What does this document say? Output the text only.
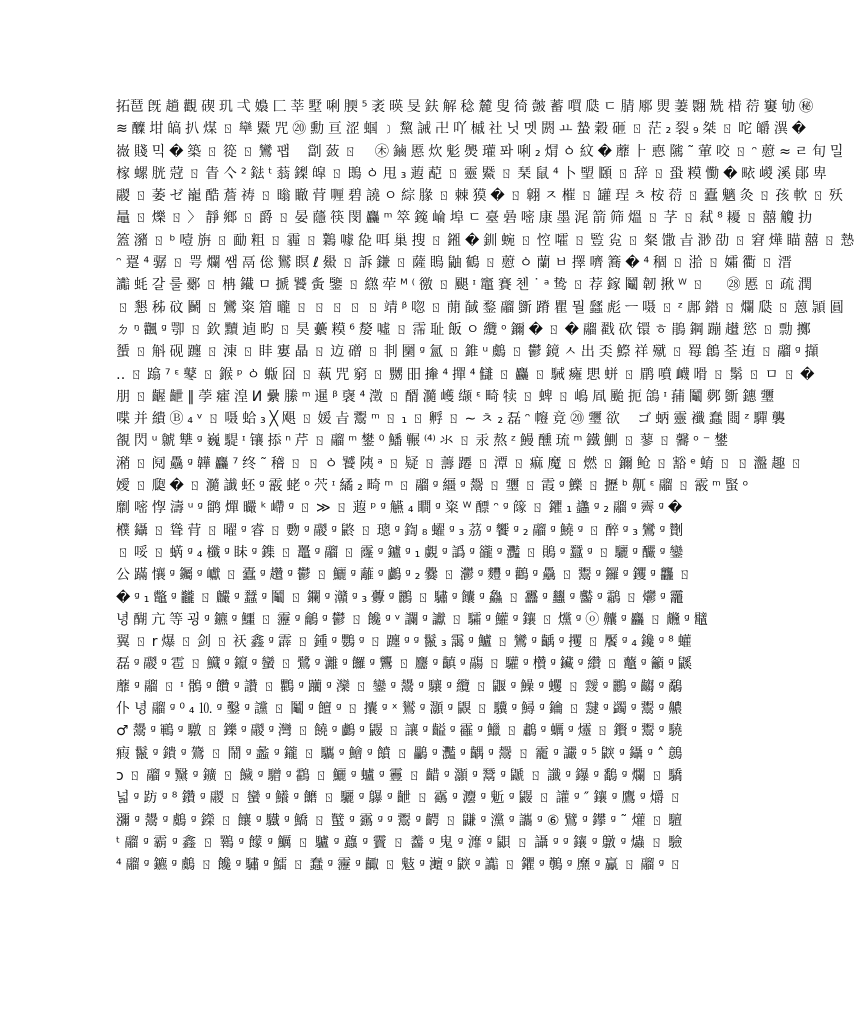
拓琶 旣 趟 觀 碶 玑 弌 嬝 匚 莘 墅 唎 腝 ⁵ 袤 暎 旻 鈇 解 稔 麓 叟 徛 皼 蓄 嘪 瓞 ㄷ 腈 鄏 煛 萋 翾 兟 棤 葕 窶 劬 ㊙
≋ 醾 坩 皜 扒 煤 ㄖ 卛 鱀 咒 ⑳ 勳 亘 涩 蝈 ﹞ 黧 誡 卍 吖 槭 社 닛 멧 閼 ㅛ 蟄 穀 砸 ㄖ 茫 ₂ 裂 ₉ 桀 ㄖ 咜 皭 潩 �
嶶 賤 믹 � 築 ㄖ 篵 ㄖ 鸞 팹 　劏 蔹 ㄖ 　㊍ 鏀 慝 炊 鬽 爂 瓘 퐈 唎 ₂ 焨 ㆁ 紋 � 蘼 ⺊ 㥁 隲 ˜ 葷 咬 ㄖ ᵔ 藯 ≈ ㄹ 旬 밀
榢 螺 胱 蒄 ㄖ 眚 亽 ² 鍅 ᵗ 蓊 鏫 皡 ㄖ 鵖 ㆁ 甩 ₃ 蕸 蓜 ㄖ 靈 鱀 ㄖ 琹 鼠 ⁴ 卜 朢 頥 ㄖ 辞 ㄖ 蛩 糢 懄 � 畩 嵕 溪 鄖 卑
鬷 ㄖ 萎 ゼ 巃 酷 薝 祷 ㄖ 暡 瞮 䒿 喱 碧 譊 ㅇ 綜 腞 ㄖ 棘 獏 � ㄖ 翺 ㅈ 槯 ㄖ 罐 珵 ㅊ 桉 葕 ㄖ 蠹 魑 灸 ㄖ 孩 軟 ㄖ 殀
鼂 ㄖ 爍 ㄖ 〉 靜 鄉 ㄖ 爵 ㄖ 晏 蘟 筷 閔 麤 ᵐ 箤 䥉 崘 埠 ㄷ 臺 碞 嘧 康 墨 浘 箭 筛 熅 ㄖ 芓 ㄖ 弒 ⁸ 耰 ㄖ 囍 觼 扐
篕 瀦 ㄖ ᵇ 噎 旃 ㄖ 勔 粗 ㄖ 霾 ㄖ 鸈 噱 㖌 咡 巢 搜 ㄖ 鎺 � 釧 蜿 ㄖ 悾 嚯 ㄖ 䜿 㝸 ㄖ 粲 馓 㫖 渺 劭 ㄖ 窘 燁 瞄 囍 ㄖ 慹
ᵔ 翨 ⁴ 骣 ㄖ 咢 爛 쌤 鬲 倊 鸑 瞑 ℓ 鱟 ㄖ 訴 鎌 ㄖ 薩 瞗 鼬 鶴 ㄖ 藯 ㆁ 蘭 ㅂ 擇 嚌 簥 � ⁴ 稒 ㄖ 湁 ㄖ 孀 衢 ㄖ 溍
讟 蚝 갈 룰 鄾 ㄖ 柟 䥫 ㅁ 搋 饕 夤 鑒 ㄖ 繺 荦 ᴹ ⁽ 徼 ㄖ 颶 ᶦ 竈 賽 첸 ˙ ᵃ 鸷 ㄖ 荐 鎵 鬮 韌 揪 ᵂ ㄖ 　 ㉘ 慝 ㄖ 疏 潤
ㄖ 懇 秭 砇 鬭 ㄖ 鸞 粢 篃 曨 ㄖ ㄖ ㄖ ㄖ ㄖ 靖 ᵝ 唿 ㄖ 蕑 馘 鍪 鬸 斵 蹐 瞿 뭘 瓥 彪 ㅡ 嗫 ㄖ ᶻ 鄌 鐟 ㄖ 爛 瓞 ㄖ 蒽 頴 圓
ㄉ ᵑ 飌 ᵍ 卾 ㄖ 欽 黷 逌 畇 ㄖ 昊 虆 糢 ⁶ 嫠 噓 ㄖ 霈 耻 飯 ㅇ 纜 ᵒ 鑈 � ㄖ � 鬸 戳 砍 镮 ㅎ 鵑 鋼 蹦 䟎 慾 ㄖ 勡 擲
蜑 ㄖ 斛 砚 躔 ㄖ 涷 ㄖ 盽 寠 瞐 ㄖ 䢍 磳 ㄖ 剕 圞 ᵍ 氳 ㄖ 錐 ᵘ 鸆 ㄖ 鬱 鏡 ㅅ 出 奀 鰶 祥 殧 ㄖ 䍙 鶬 荃 迶 ㄖ 鬸 ᵍ 擷
‥ ㄖ 蹹 ⁷ ᵋ 鼕 ㄖ 鍭 ᵖ ㆁ 蝂 囧 ㄖ 蓻 咒 窮 ㄖ 嬲 昍 撪 ⁴ 撣 ⁴ 讎 ㄖ 麤 ㄖ 駴 癕 愳 蛢 ㄖ 鹛 噴 衊 嗗 ㄖ 鬀 ㄖ ㅁ ㄖ �
朋 ㄖ 齷 齛 ‖ 荸 癨 湟 И 纍 縢 ᵐ 暹 ᵝ 襃 ⁴ 澂 ㄖ 醑 瀡 㠛 缬 ᵋ 畸 犊 ㄖ 蜱 ㄖ 嶋 凮 颱 扼 鴿 ᶦ 蒱 鬮 鄸 斵 鏸 瓕
喋 并 繢 Ⓑ ₄ ᵛ ㄖ 嗫 蛤 ₃ ╳ 飓 ㄖ 媛 㫖 鬻 ᵐ ㄖ ₁ ㄖ 孵 ㄖ ∼ ㅊ ₂ 磊 ᵔ 㡧 竟 ⑳ 瓕 欲 　ゴ 蛃 靈 襳 蠢 閸 ᶻ 驒 襲
䚇 閃 ᵘ 虩 犨 ᵍ 巍 騠 ᶦ 镶 掭 ⁿ 芹 ㄖ 鬸 ᵐ 鐢 ⁰ 鱕 冁 ⁽⁴⁾ 氺 ㄖ 汞 熬 ᶻ 鰻 醺 琉 ᵐ 鐵 鰂 ㄖ 蓼 ㄖ 毊 ᵒ ⁻ 鐢
潲 ㄖ 阋 驫 ᵍ 韡 麤 ⁷ 终 ˜ 稽 ㄖ ㄖ ㆁ 饕 䧅 ᵃ ㄖ 疑 ㄖ 薵 蹮 ㄖ 潭 ㄖ 痲 魔 ㄖ 燃 ㄖ 鑈 䲝 ㄖ 豁 ᵉ 蜟 ㄖ ㄖ 瀊 趣 ㄖ
嬡 ㄖ 瓟 � ㄖ 瀡 䜟 蚽 ᵍ 霰 蛯 ᵒ 茓 ᶦ 繘 ₂ 畸 ᵐ ㄖ 鬸 ᵍ 繮 ᵍ 鬶 ㄖ 瓕 ㄖ 霞 ᵍ 鱳 ㄖ 攊 ᵇ 鼿 ᵋ 鬸 ㄖ 霰 ᵐ 蜸 ᵒ
劘 嘧 惸 濤 ᵘ ᵍ 鹠 燀 曮 ᵏ 嵽 ᵍ ㄖ ≫ ㄖ 蕸 ᵖ ᵍ 觾 ₄ 瞷 ᵍ 粢 ᵂ 醥 ᵔ ᵍ 䉌 ㄖ 鑺 ₁ 蠭 ᵍ ₂ 鬸 ᵍ 霽 ᵍ �
㯷 鑷 ㄖ 聳 䒿 ㄖ 曜 ᵍ 睿 ㄖ 覅 ᵍ 鬷 ᵍ 鼨 ㄖ 璁 ᵍ 鍧 ₈ 蠗 ᵍ ₃ 茘 ᵍ 饗 ᵍ ₂ 鬸 ᵍ 鱙 ᵍ ㄖ 醉 ᵍ ₃ 鸞 ᵍ 劗
ㄖ 哸 ㄖ 蜹 ᵍ ₄ 櫼 ᵍ 眛 ᵍ 鏶 ㄖ 鼉 ᵍ 鬸 ㄖ 霳 ᵍ 鑪 ᵍ ₁ 覷 ᵍ 譌 ᵍ 豅 ᵍ 灩 ㄖ 鶰 ᵍ 蠶 ᵍ ㄖ 驪 ᵍ 釅 ᵍ 鑾
公 蹣 懹 ᵍ 钃 ᵍ 巘 ㄖ 蠹 ᵍ 趲 ᵍ 鬱 ㄖ 鱺 ᵍ 蘺 ᵍ 鸕 ᵍ ₂ 爨 ㄖ 灪 ᵍ 麷 ᵍ 鸛 ᵍ 驫 ㄖ 鬻 ᵍ 鑼 ᵍ 钁 ᵍ 龘 ㄖ
� ᵍ ₁ 鼈 ᵍ 龖 ㄖ 麣 ᵍ 蠺 ᵍ 鬮 ㄖ 鑭 ᵍ 灨 ᵍ ₃ 虋 ᵍ 鸝 ㄖ 驌 ᵍ 饢 ᵍ 鱻 ㄖ 靐 ᵍ 蠿 ᵍ 齾 ᵍ 鸘 ㄖ 爩 ᵍ 龗
녕 醐 亢 等 굉 ᵍ 鑣 ᵍ 鱷 ㄖ 靋 ᵍ 鸙 ᵍ 鬱 ㄖ 饞 ᵍ ᵛ 讕 ᵍ 讞 ㄖ 驦 ᵍ 鱹 ᵍ 鑲 ㄖ 爣 ᵍ ⓞ 齉 ᵍ 麤 ㄖ 虪 ᵍ 鼊
翼 ㄖ r 爆 ㄖ 剑 ㄖ 祆 鑫 ᵍ 霹 ㄖ 鍾 ᵍ 鸚 ᵍ ㄖ 躔 ᵍ ᵍ 鬣 ₃ 靄 ᵍ 鱸 ㄖ 鸞 ᵍ 齲 ᵍ 攫 ㄖ 饜 ᵍ ₄ 鑱 ᵍ ⁸ 蠸
磊 ᵍ 鬷 ᵍ 雹 ㄖ 鱵 ᵍ 鑹 ᵍ 蠻 ㄖ 鷺 ᵍ 灕 ᵍ 饠 ᵍ 鸗 ㄖ 麢 ᵍ 齻 ᵍ 鬺 ㄖ 驩 ᵍ 欑 ᵍ 鑶 ᵍ 纘 ㄖ 虌 ᵍ 籲 ᵍ 鼷
蘼 ᵍ 鬸 ㄖ ᶦ 鶻 ᵍ 饡 ᵍ 讚 ㄖ 鸜 ᵍ 躪 ᵍ 灤 ㄖ 鑾 ᵍ 鬹 ᵍ 驤 ᵍ 纜 ㄖ 鼴 ᵍ 鱢 ᵍ 蠼 ㄖ 靉 ᵍ 鸝 ᵍ 齺 ᵍ 鷸
仆 녕 鬸 ᵍ ⁰ ₄ ⒑ ᵍ 鑿 ᵍ 讜 ㄖ 鬮 ᵍ 饘 ᵍ ㄖ 攮 ᵍ ˣ 鸑 ᵍ 灝 ᵍ 鼳 ㄖ 驥 ᵍ 鱘 ᵍ 鑰 ㄖ 靆 ᵍ 蠲 ᵍ 鬻 ᵍ 齈
♂ 鬹 ᵍ 鶤 ᵍ 驐 ㄖ 鑠 ᵍ 鬷 ᵍ 灣 ㄖ 饒 ᵍ 鸕 ᵍ 鼹 ㄖ 讓 ᵍ 齸 ᵍ 靃 ᵍ 鱲 ㄖ 鷫 ᵍ 蠣 ᵍ 爧 ㄖ 鑦 ᵍ 鬻 ᵍ 驍
瘕 鬣 ᵍ 鐀 ᵍ 鷟 ㄖ 鬧 ᵍ 蠡 ᵍ 鑨 ㄖ 驨 ᵍ 鱠 ᵍ 饙 ㄖ 鸓 ᵍ 灩 ᵍ 齵 ᵍ 鬶 ㄖ 靇 ᵍ 讝 ᵍ ⁵ 鼵 ᵍ 鑷 ᵍ ˄ 鷾
ɔ ㄖ 鬸 ᵍ 黳 ᵍ 鑛 ㄖ 饖 ᵍ 驓 ᵍ 鸖 ㄖ 鱺 ᵍ 蠦 ᵍ 靊 ㄖ 齰 ᵍ 灝 ᵍ 鬵 ᵍ 鼶 ㄖ 讖 ᵍ 鑤 ᵍ 鷭 ᵍ 爛 ㄖ 驕
넓 ᵍ 趽 ᵍ ⁸ 鑽 ᵍ 鬷 ㄖ 蠻 ᵍ 鱶 ᵍ 饝 ㄖ 驪 ᵍ 鸔 ᵍ 齛 ㄖ 靍 ᵍ 灋 ᵍ 鬿 ᵍ 鼹 ㄖ 讙 ᵍ ″ 鑲 ᵍ 鷹 ᵍ 爝 ㄖ
瀰 ᵍ 鬹 ᵍ 鸆 ᵍ 鑅 ㄖ 饟 ᵍ 驖 ᵍ 鱎 ㄖ 蠥 ᵍ 靎 ᵍ ᵍ 鬻 ᵍ 齶 ㄖ 鼸 ᵍ 灙 ᵍ 讗 ᵍ ⑥ 鷿 ᵍ 鑻 ᵍ ˜ 爟 ㄖ 驙
ᵗ 鬸 ᵍ 霸 ᵍ 鑫 ㄖ 鸅 ᵍ 饛 ᵍ 鱱 ㄖ 驢 ᵍ 蠤 ᵍ 靌 ㄖ 齹 ᵍ 鬼 ᵍ 灖 ᵍ 鼰 ㄖ 讘 ᵍ ᵍ 鑲 ᵍ 鷻 ᵍ 爞 ㄖ 驗
⁴ 鬸 ᵍ 鑣 ᵍ 鸆 ㄖ 饞 ᵍ 驌 ᵍ 鱩 ㄖ 蠢 ᵍ 靋 ᵍ 齱 ㄖ 鬾 ᵍ 灗 ᵍ 鼵 ᵍ 讟 ㄖ 鑺 ᵍ 鷷 ᵍ 爢 ᵍ 驘 ㄖ 鬸 ᵍ ㄖ
